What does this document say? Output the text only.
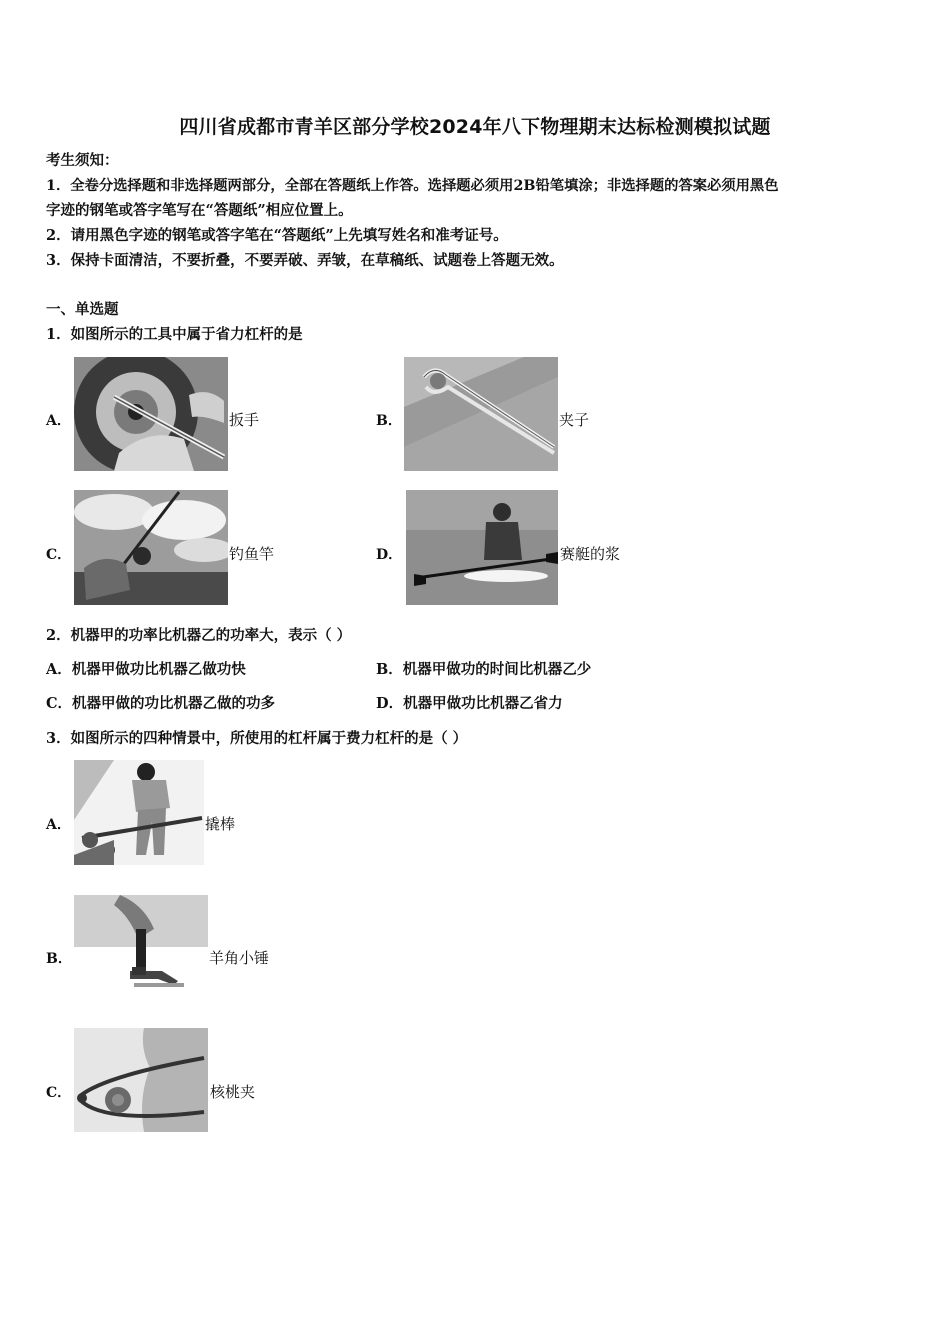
四川省成都市青羊区部分学校2024年八下物理期末达标检测模拟试题
考生须知：
1．全卷分选择题和非选择题两部分，全部在答题纸上作答。选择题必须用2B铅笔填涂；非选择题的答案必须用黑色
字迹的钢笔或答字笔写在“答题纸”相应位置上。
2．请用黑色字迹的钢笔或答字笔在“答题纸”上先填写姓名和准考证号。
3．保持卡面清洁，不要折叠，不要弄破、弄皱，在草稿纸、试题卷上答题无效。
一、单选题
1．如图所示的工具中属于省力杠杆的是
A．	扳手	B．	夹子
C．	钓鱼竿	D．	赛艇的浆
2．机器甲的功率比机器乙的功率大，表示（ ）
A．机器甲做功比机器乙做功快	B．机器甲做功的时间比机器乙少
C．机器甲做的功比机器乙做的功多	D．机器甲做功比机器乙省力
3．如图所示的四种情景中，所使用的杠杆属于费力杠杆的是（ ）
A．	撬棒
B．	羊角小锤
C．	核桃夹
